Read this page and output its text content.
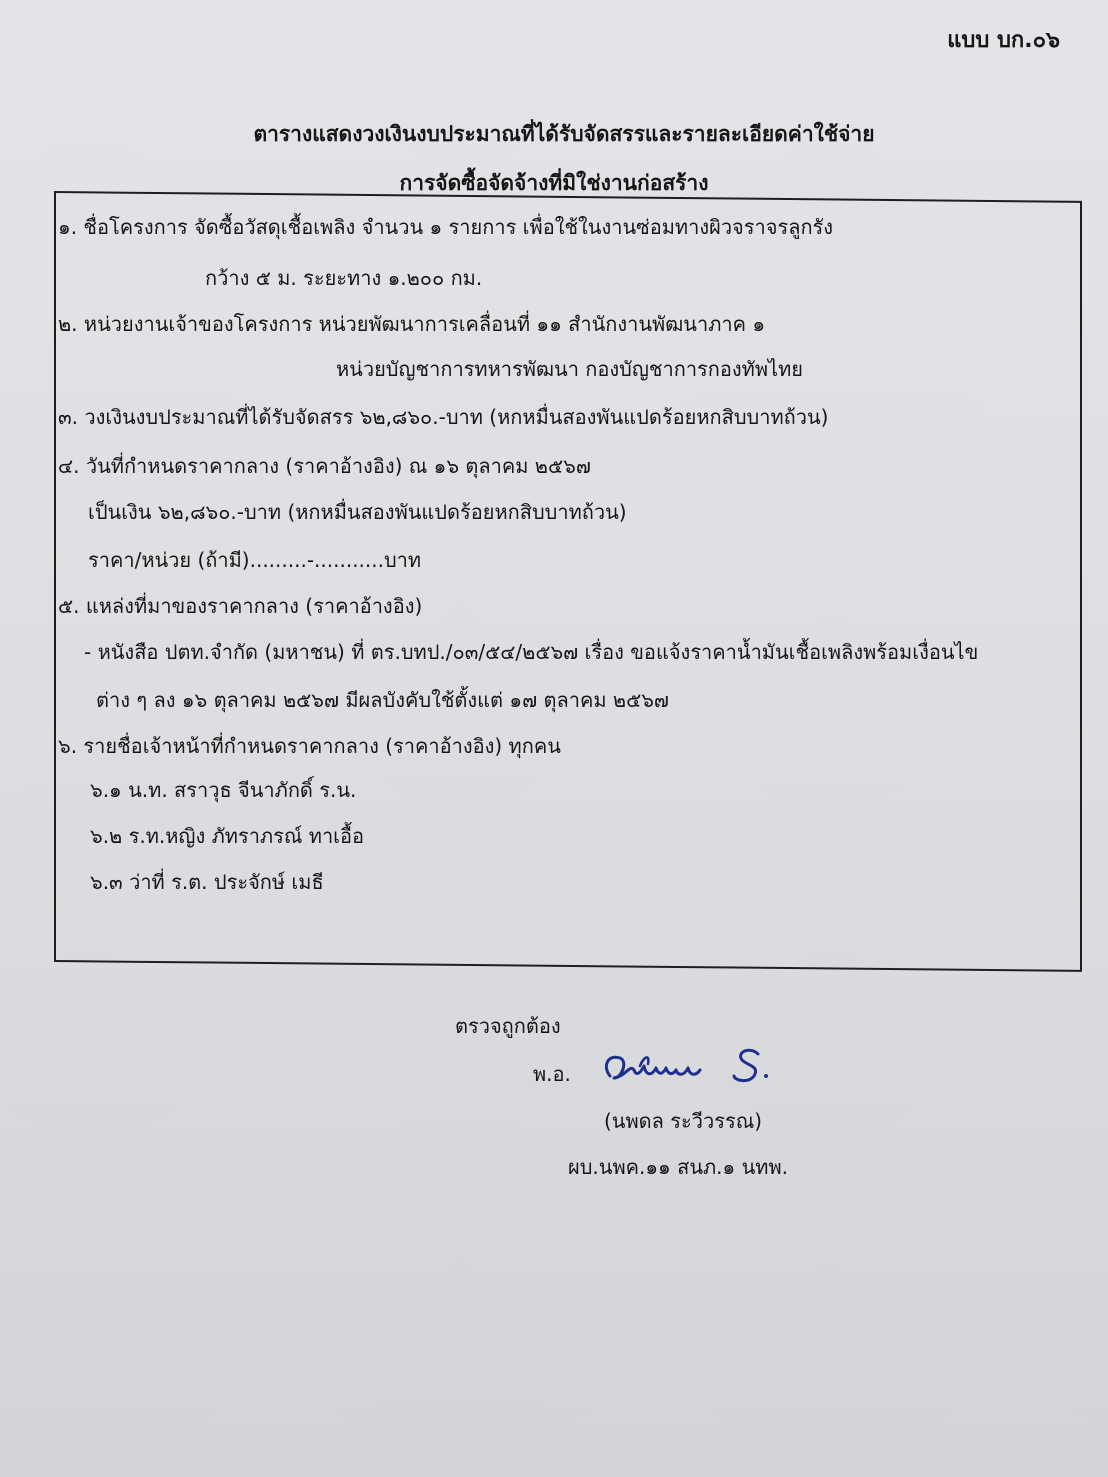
แบบ บก.๐๖
ตารางแสดงวงเงินงบประมาณที่ได้รับจัดสรรและรายละเอียดค่าใช้จ่าย
การจัดซื้อจัดจ้างที่มิใช่งานก่อสร้าง
๑. ชื่อโครงการ จัดซื้อวัสดุเชื้อเพลิง จำนวน ๑ รายการ เพื่อใช้ในงานซ่อมทางผิวจราจรลูกรัง
กว้าง ๕ ม. ระยะทาง ๑.๒๐๐ กม.
๒. หน่วยงานเจ้าของโครงการ หน่วยพัฒนาการเคลื่อนที่ ๑๑ สำนักงานพัฒนาภาค ๑
หน่วยบัญชาการทหารพัฒนา กองบัญชาการกองทัพไทย
๓. วงเงินงบประมาณที่ได้รับจัดสรร ๖๒,๘๖๐.-บาท (หกหมื่นสองพันแปดร้อยหกสิบบาทถ้วน)
๔. วันที่กำหนดราคากลาง (ราคาอ้างอิง) ณ ๑๖ ตุลาคม ๒๕๖๗
เป็นเงิน ๖๒,๘๖๐.-บาท (หกหมื่นสองพันแปดร้อยหกสิบบาทถ้วน)
ราคา/หน่วย (ถ้ามี).........-...........บาท
๕. แหล่งที่มาของราคากลาง (ราคาอ้างอิง)
- หนังสือ ปตท.จำกัด (มหาชน) ที่ ตร.บทป./๐๓/๕๔/๒๕๖๗ เรื่อง ขอแจ้งราคาน้ำมันเชื้อเพลิงพร้อมเงื่อนไข
ต่าง ๆ ลง ๑๖ ตุลาคม ๒๕๖๗ มีผลบังคับใช้ตั้งแต่ ๑๗ ตุลาคม ๒๕๖๗
๖. รายชื่อเจ้าหน้าที่กำหนดราคากลาง (ราคาอ้างอิง) ทุกคน
๖.๑ น.ท. สราวุธ จีนาภักดิ์ ร.น.
๖.๒ ร.ท.หญิง ภัทราภรณ์ ทาเอื้อ
๖.๓ ว่าที่ ร.ต. ประจักษ์ เมธี
ตรวจถูกต้อง
พ.อ.
(นพดล ระวีวรรณ)
ผบ.นพค.๑๑ สนภ.๑ นทพ.
